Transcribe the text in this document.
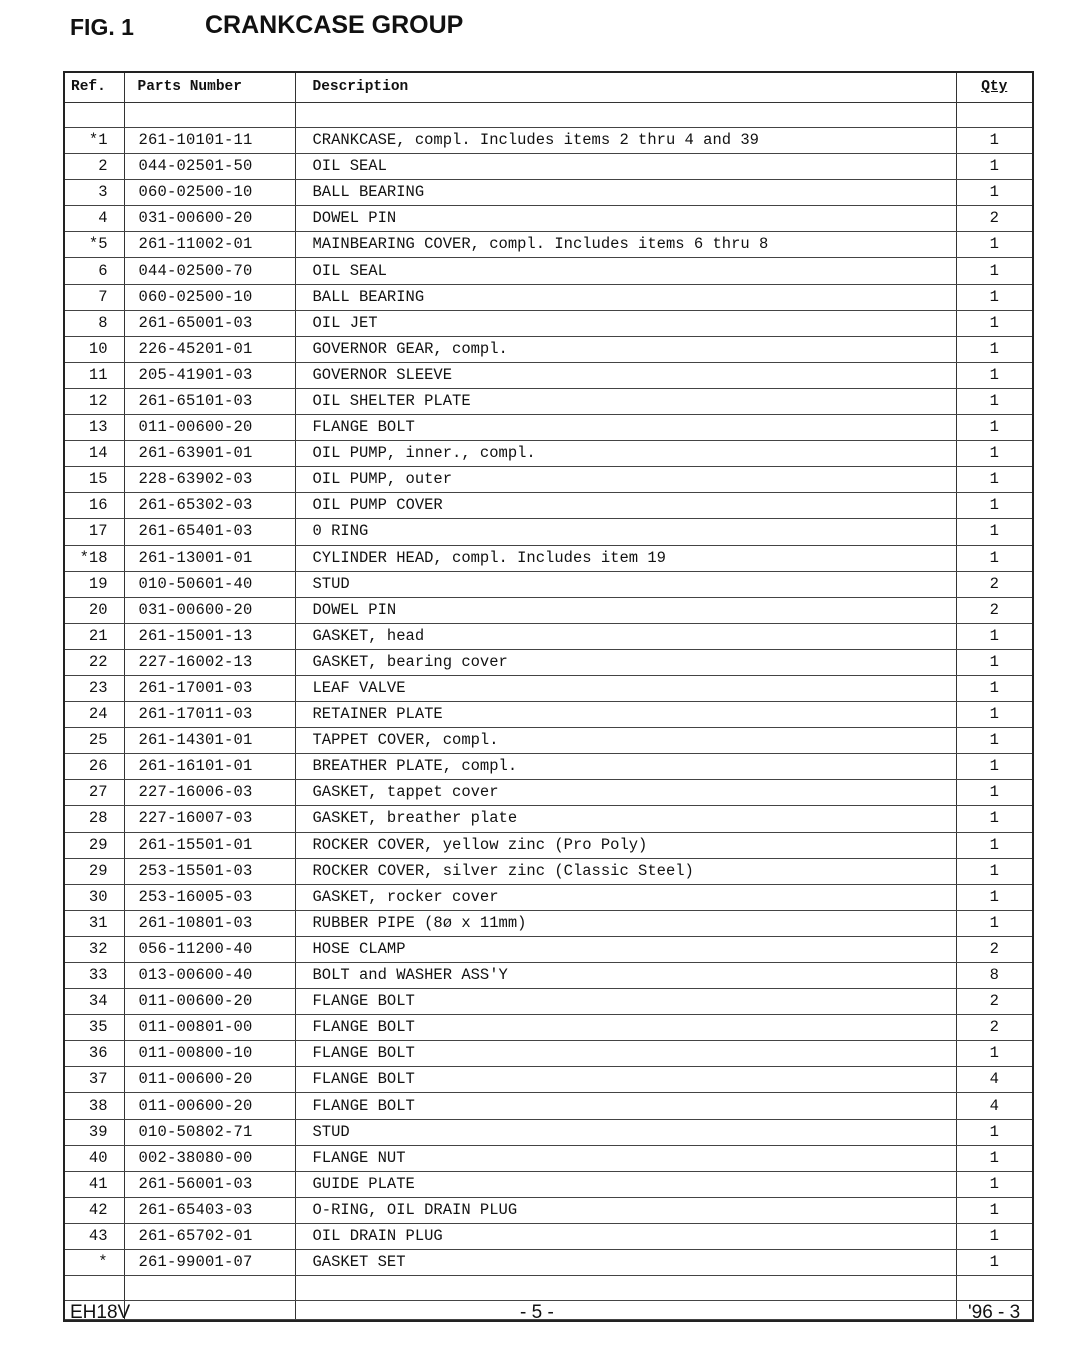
FIG. 1	CRANKCASE GROUP
Ref.	Parts Number	Description	Qty

*1	261-10101-11	CRANKCASE, compl. Includes items 2 thru 4 and 39	1
2	044-02501-50	OIL SEAL	1
3	060-02500-10	BALL BEARING	1
4	031-00600-20	DOWEL PIN	2
*5	261-11002-01	MAINBEARING COVER, compl. Includes items 6 thru 8	1
6	044-02500-70	OIL SEAL	1
7	060-02500-10	BALL BEARING	1
8	261-65001-03	OIL JET	1
10	226-45201-01	GOVERNOR GEAR, compl.	1
11	205-41901-03	GOVERNOR SLEEVE	1
12	261-65101-03	OIL SHELTER PLATE	1
13	011-00600-20	FLANGE BOLT	1
14	261-63901-01	OIL PUMP, inner., compl.	1
15	228-63902-03	OIL PUMP, outer	1
16	261-65302-03	OIL PUMP COVER	1
17	261-65401-03	0 RING	1
*18	261-13001-01	CYLINDER HEAD, compl. Includes item 19	1
19	010-50601-40	STUD	2
20	031-00600-20	DOWEL PIN	2
21	261-15001-13	GASKET, head	1
22	227-16002-13	GASKET, bearing cover	1
23	261-17001-03	LEAF VALVE	1
24	261-17011-03	RETAINER PLATE	1
25	261-14301-01	TAPPET COVER, compl.	1
26	261-16101-01	BREATHER PLATE, compl.	1
27	227-16006-03	GASKET, tappet cover	1
28	227-16007-03	GASKET, breather plate	1
29	261-15501-01	ROCKER COVER, yellow zinc (Pro Poly)	1
29	253-15501-03	ROCKER COVER, silver zinc (Classic Steel)	1
30	253-16005-03	GASKET, rocker cover	1
31	261-10801-03	RUBBER PIPE (8ø x 11mm)	1
32	056-11200-40	HOSE CLAMP	2
33	013-00600-40	BOLT and WASHER ASS'Y	8
34	011-00600-20	FLANGE BOLT	2
35	011-00801-00	FLANGE BOLT	2
36	011-00800-10	FLANGE BOLT	1
37	011-00600-20	FLANGE BOLT	4
38	011-00600-20	FLANGE BOLT	4
39	010-50802-71	STUD	1
40	002-38080-00	FLANGE NUT	1
41	261-56001-03	GUIDE PLATE	1
42	261-65403-03	O-RING, OIL DRAIN PLUG	1
43	261-65702-01	OIL DRAIN PLUG	1
*	261-99001-07	GASKET SET	1

EH18V	- 5 -	'96 - 3
